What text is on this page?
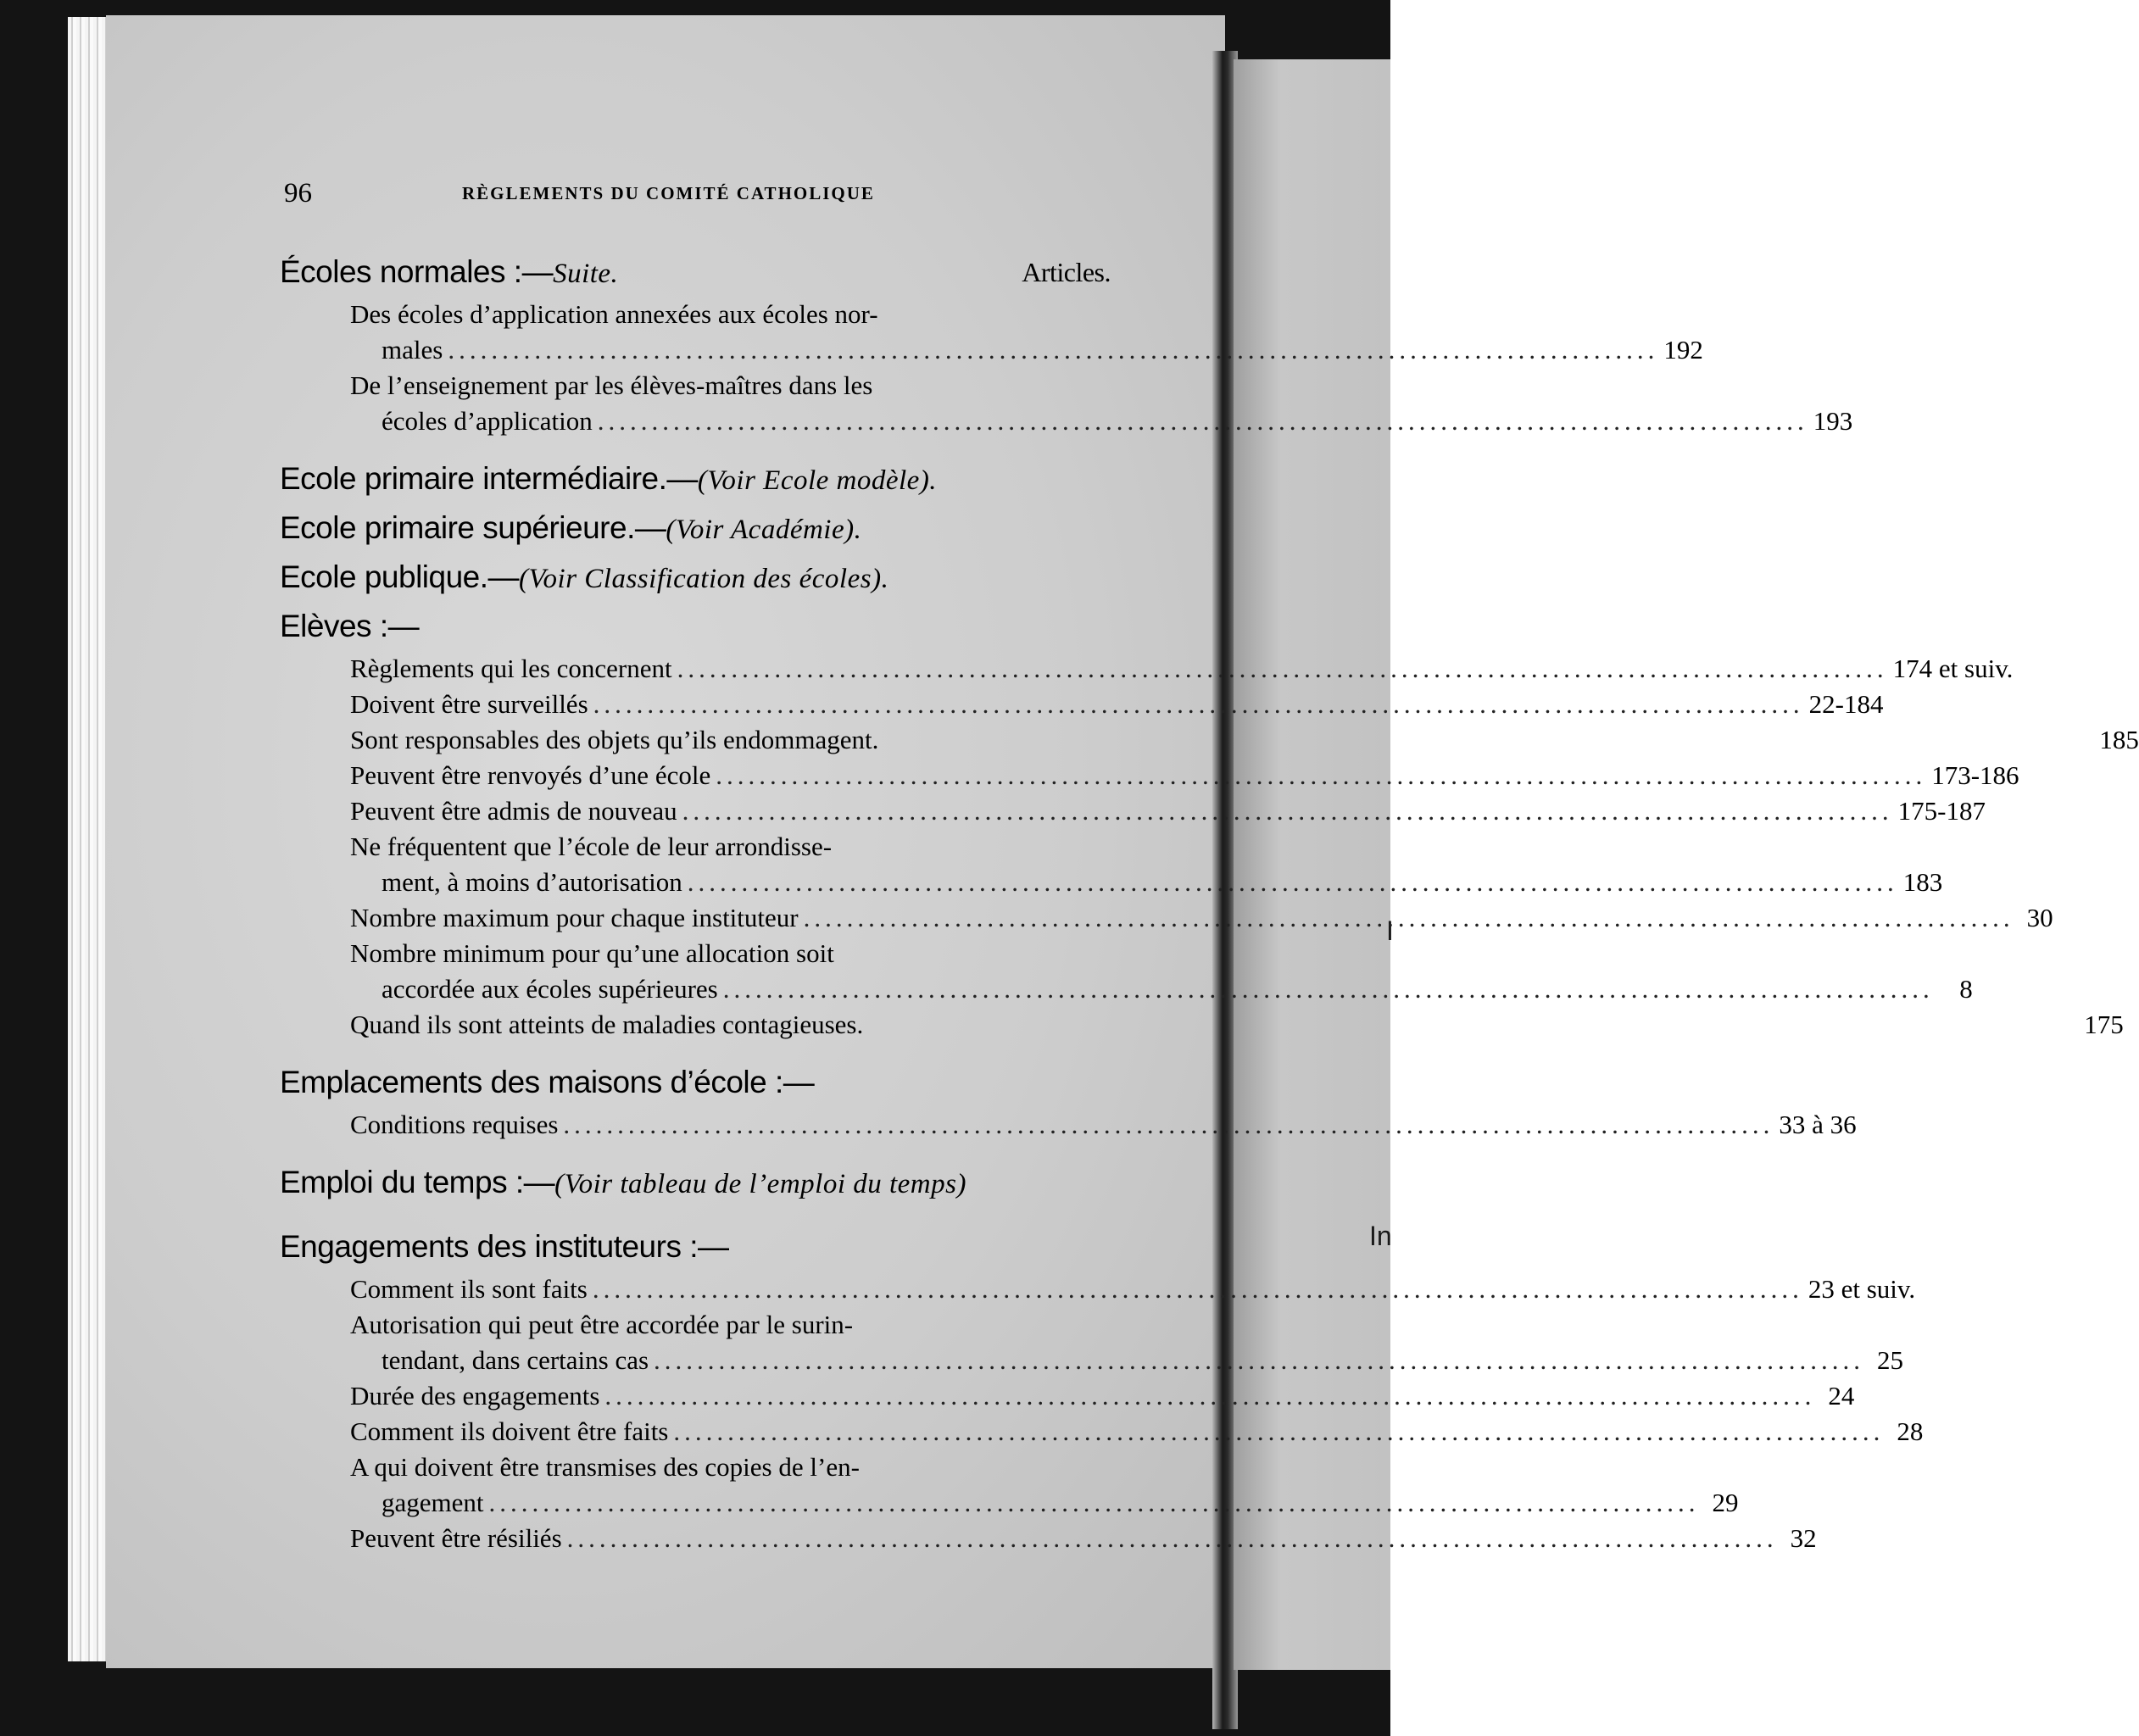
I
In
96	RÈGLEMENTS DU COMITÉ CATHOLIQUE
Écoles normales :—Suite.	Articles.
Des écoles d’application annexées aux écoles nor-
males .....	192
De l’enseignement par les élèves-maîtres dans les
écoles d’application .....	193
Ecole primaire intermédiaire.—(Voir Ecole modèle).
Ecole primaire supérieure.—(Voir Académie).
Ecole publique.—(Voir Classification des écoles).
Elèves :—
Règlements qui les concernent .....	174 et suiv.
Doivent être surveillés .....	22-184
Sont responsables des objets qu’ils endommagent.	185
Peuvent être renvoyés d’une école .....	173-186
Peuvent être admis de nouveau .....	175-187
Ne fréquentent que l’école de leur arrondisse-
ment, à moins d’autorisation .....	183
Nombre maximum pour chaque instituteur .....	30
Nombre minimum pour qu’une allocation soit
accordée aux écoles supérieures .....	8
Quand ils sont atteints de maladies contagieuses.	175
Emplacements des maisons d’école :—
Conditions requises .....	33 à 36
Emploi du temps :—(Voir tableau de l’emploi du temps)
Engagements des instituteurs :—
Comment ils sont faits .....	23 et suiv.
Autorisation qui peut être accordée par le surin-
tendant, dans certains cas .....	25
Durée des engagements .....	24
Comment ils doivent être faits .....	28
A qui doivent être transmises des copies de l’en-
gagement .....	29
Peuvent être résiliés .....	32
